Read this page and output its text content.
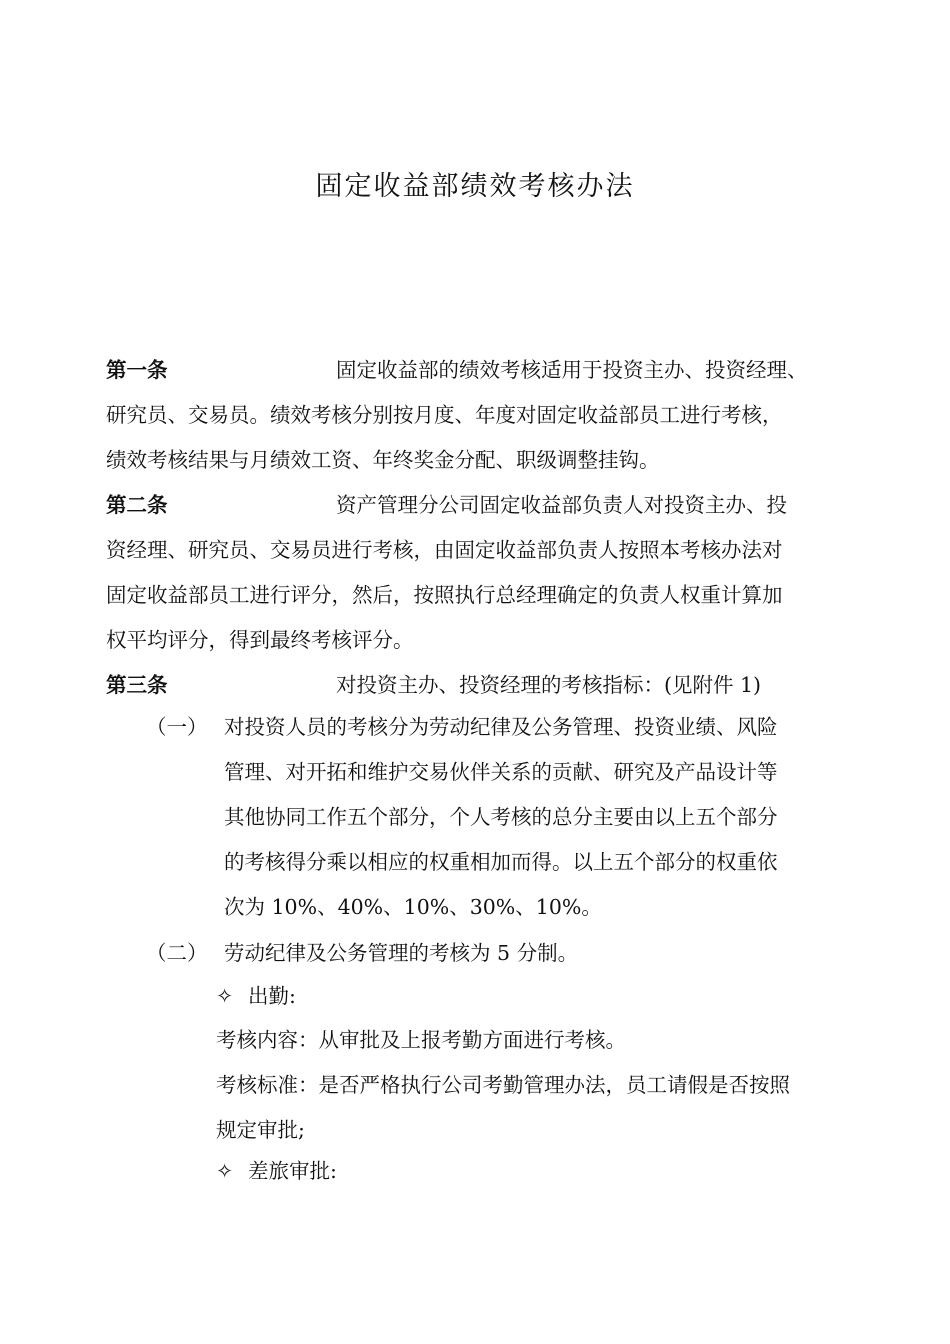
固定收益部绩效考核办法
第一条	固定收益部的绩效考核适用于投资主办、投资经理、
研究员、交易员。绩效考核分别按月度、年度对固定收益部员工进行考核，
绩效考核结果与月绩效工资、年终奖金分配、职级调整挂钩。
第二条	资产管理分公司固定收益部负责人对投资主办、投
资经理、研究员、交易员进行考核，由固定收益部负责人按照本考核办法对
固定收益部员工进行评分，然后，按照执行总经理确定的负责人权重计算加
权平均评分，得到最终考核评分。
第三条	对投资主办、投资经理的考核指标：(见附件 1)
（一） 对投资人员的考核分为劳动纪律及公务管理、投资业绩、风险
管理、对开拓和维护交易伙伴关系的贡献、研究及产品设计等
其他协同工作五个部分，个人考核的总分主要由以上五个部分
的考核得分乘以相应的权重相加而得。以上五个部分的权重依
次为 10%、40%、10%、30%、10%。
（二） 劳动纪律及公务管理的考核为 5 分制。
✧ 出勤:
考核内容：从审批及上报考勤方面进行考核。
考核标准：是否严格执行公司考勤管理办法，员工请假是否按照
规定审批;
✧ 差旅审批:
